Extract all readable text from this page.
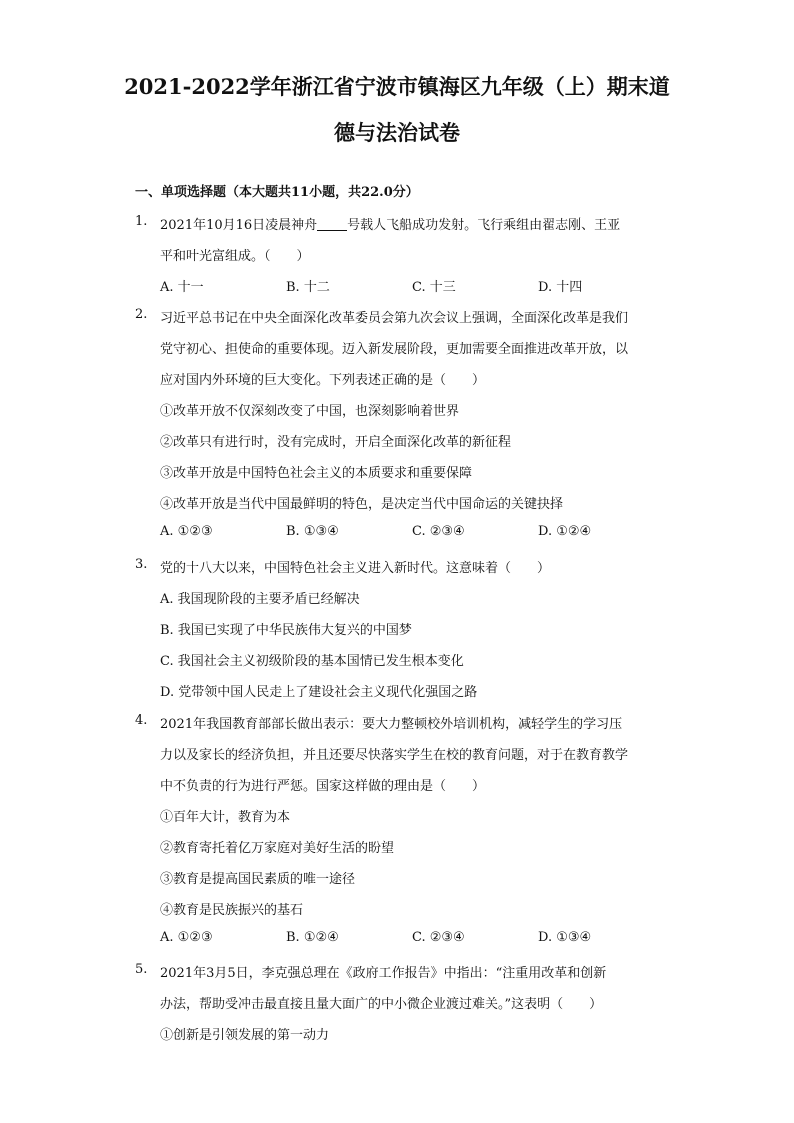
2021-2022学年浙江省宁波市镇海区九年级（上）期末道
德与法治试卷
一、单项选择题（本大题共11小题，共22.0分）
1. 2021年10月16日凌晨神舟 号载人飞船成功发射。飞行乘组由翟志刚、王亚
平和叶光富组成。（　　）
A. 十一	B. 十二	C. 十三	D. 十四
2. 习近平总书记在中央全面深化改革委员会第九次会议上强调，全面深化改革是我们
党守初心、担使命的重要体现。迈入新发展阶段，更加需要全面推进改革开放，以
应对国内外环境的巨大变化。下列表述正确的是（　　）
①改革开放不仅深刻改变了中国，也深刻影响着世界
②改革只有进行时，没有完成时，开启全面深化改革的新征程
③改革开放是中国特色社会主义的本质要求和重要保障
④改革开放是当代中国最鲜明的特色，是决定当代中国命运的关键抉择
A. ①②③	B. ①③④	C. ②③④	D. ①②④
3. 党的十八大以来，中国特色社会主义进入新时代。这意味着（　　）
A. 我国现阶段的主要矛盾已经解决
B. 我国已实现了中华民族伟大复兴的中国梦
C. 我国社会主义初级阶段的基本国情已发生根本变化
D. 党带领中国人民走上了建设社会主义现代化强国之路
4. 2021年我国教育部部长做出表示：要大力整顿校外培训机构，减轻学生的学习压
力以及家长的经济负担，并且还要尽快落实学生在校的教育问题，对于在教育教学
中不负责的行为进行严惩。国家这样做的理由是（　　）
①百年大计，教育为本
②教育寄托着亿万家庭对美好生活的盼望
③教育是提高国民素质的唯一途径
④教育是民族振兴的基石
A. ①②③	B. ①②④	C. ②③④	D. ①③④
5. 2021年3月5日，李克强总理在《政府工作报告》中指出：“注重用改革和创新
办法，帮助受冲击最直接且量大面广的中小微企业渡过难关。”这表明（　　）
①创新是引领发展的第一动力
